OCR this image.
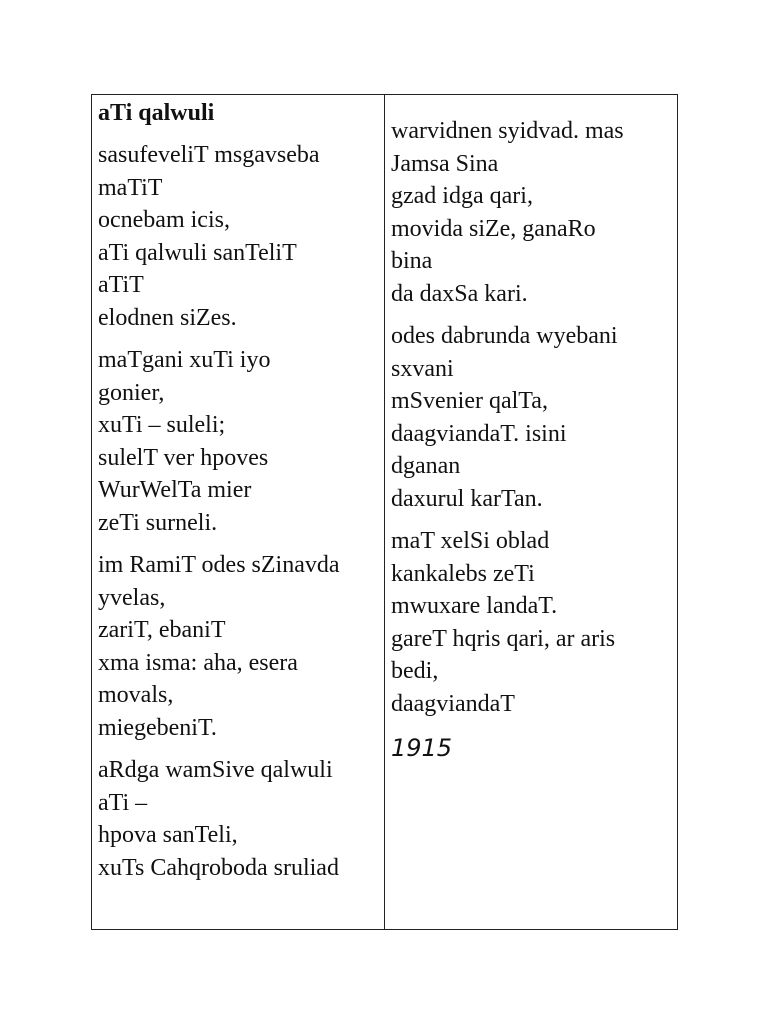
aTi qalwuli
sasufeveliT msgavseba
maTiT
ocnebam icis,
aTi qalwuli sanTeliT
aTiT
elodnen siZes.
maTgani xuTi iyo
gonier,
xuTi – suleli;
sulelT ver hpoves
WurWelTa mier
zeTi surneli.
im RamiT odes sZinavda
yvelas,
zariT, ebaniT
xma isma: aha, esera
movals,
miegebeniT.
aRdga wamSive qalwuli
aTi –
hpova sanTeli,
xuTs Cahqroboda sruliad
warvidnen syidvad. mas
Jamsa Sina
gzad idga qari,
movida siZe, ganaRo
bina
da daxSa kari.
odes dabrunda wyebani
sxvani
mSvenier qalTa,
daagviandaT. isini
dganan
daxurul karTan.
maT xelSi oblad
kankalebs zeTi
mwuxare landaT.
gareT hqris qari, ar aris
bedi,
daagviandaT
1915
